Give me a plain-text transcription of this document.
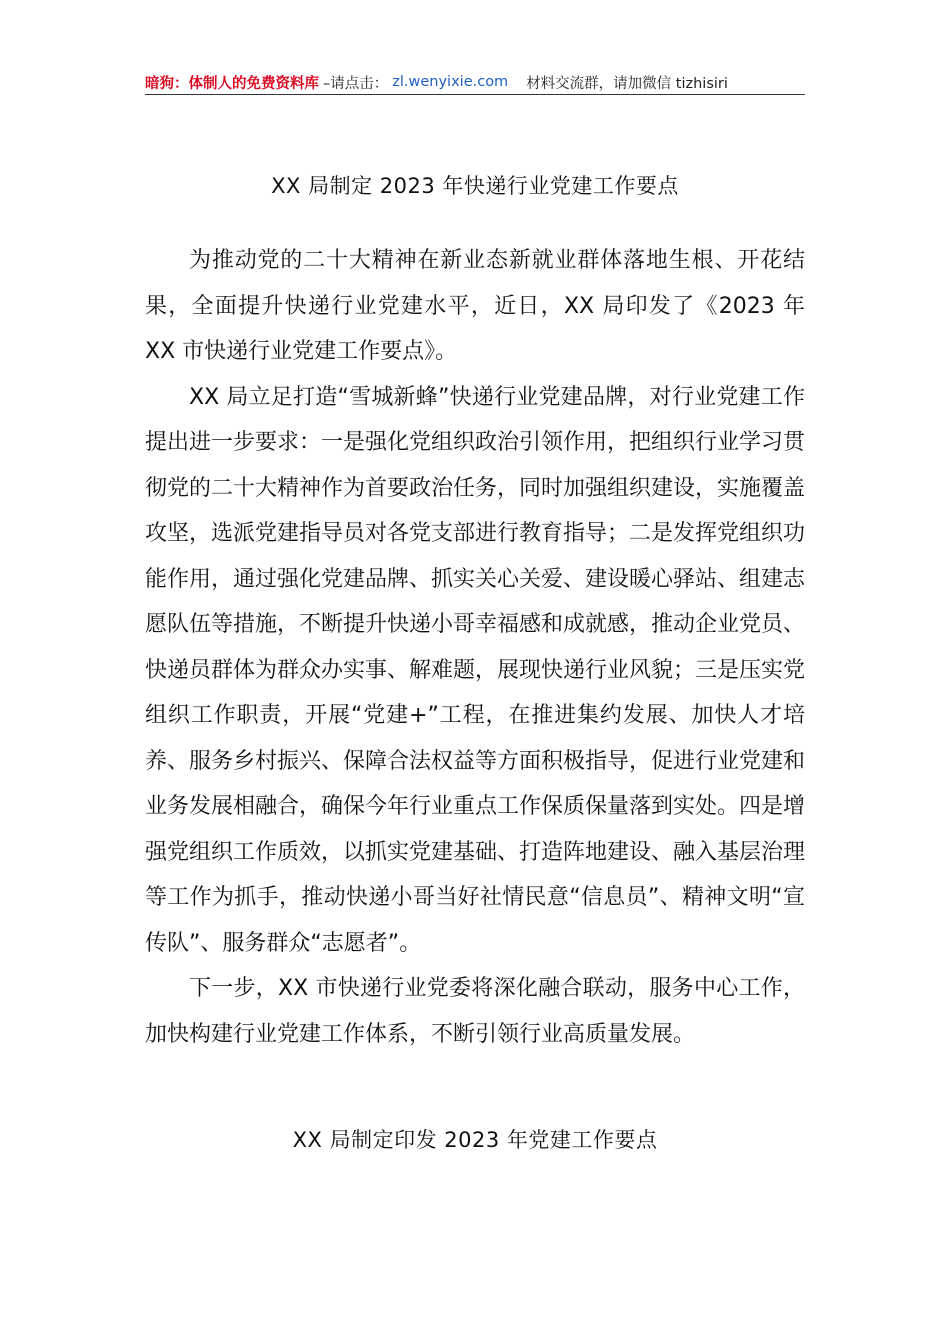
暗狗：体制人的免费资料库 –请点击： zl.wenyixie.com 材料交流群，请加微信 tizhisiri
XX 局制定 2023 年快递行业党建工作要点

为推动党的二十大精神在新业态新就业群体落地生根、开花结果，全面提升快递行业党建水平，近日，XX 局印发了《2023 年 XX 市快递行业党建工作要点》。

XX 局立足打造“雪城新蜂”快递行业党建品牌，对行业党建工作提出进一步要求：一是强化党组织政治引领作用，把组织行业学习贯彻党的二十大精神作为首要政治任务，同时加强组织建设，实施覆盖攻坚，选派党建指导员对各党支部进行教育指导；二是发挥党组织功能作用，通过强化党建品牌、抓实关心关爱、建设暖心驿站、组建志愿队伍等措施，不断提升快递小哥幸福感和成就感，推动企业党员、快递员群体为群众办实事、解难题，展现快递行业风貌；三是压实党组织工作职责，开展“党建+”工程，在推进集约发展、加快人才培养、服务乡村振兴、保障合法权益等方面积极指导，促进行业党建和业务发展相融合，确保今年行业重点工作保质保量落到实处。四是增强党组织工作质效，以抓实党建基础、打造阵地建设、融入基层治理等工作为抓手，推动快递小哥当好社情民意“信息员”、精神文明“宣传队”、服务群众“志愿者”。

下一步，XX 市快递行业党委将深化融合联动，服务中心工作，加快构建行业党建工作体系，不断引领行业高质量发展。

XX 局制定印发 2023 年党建工作要点
